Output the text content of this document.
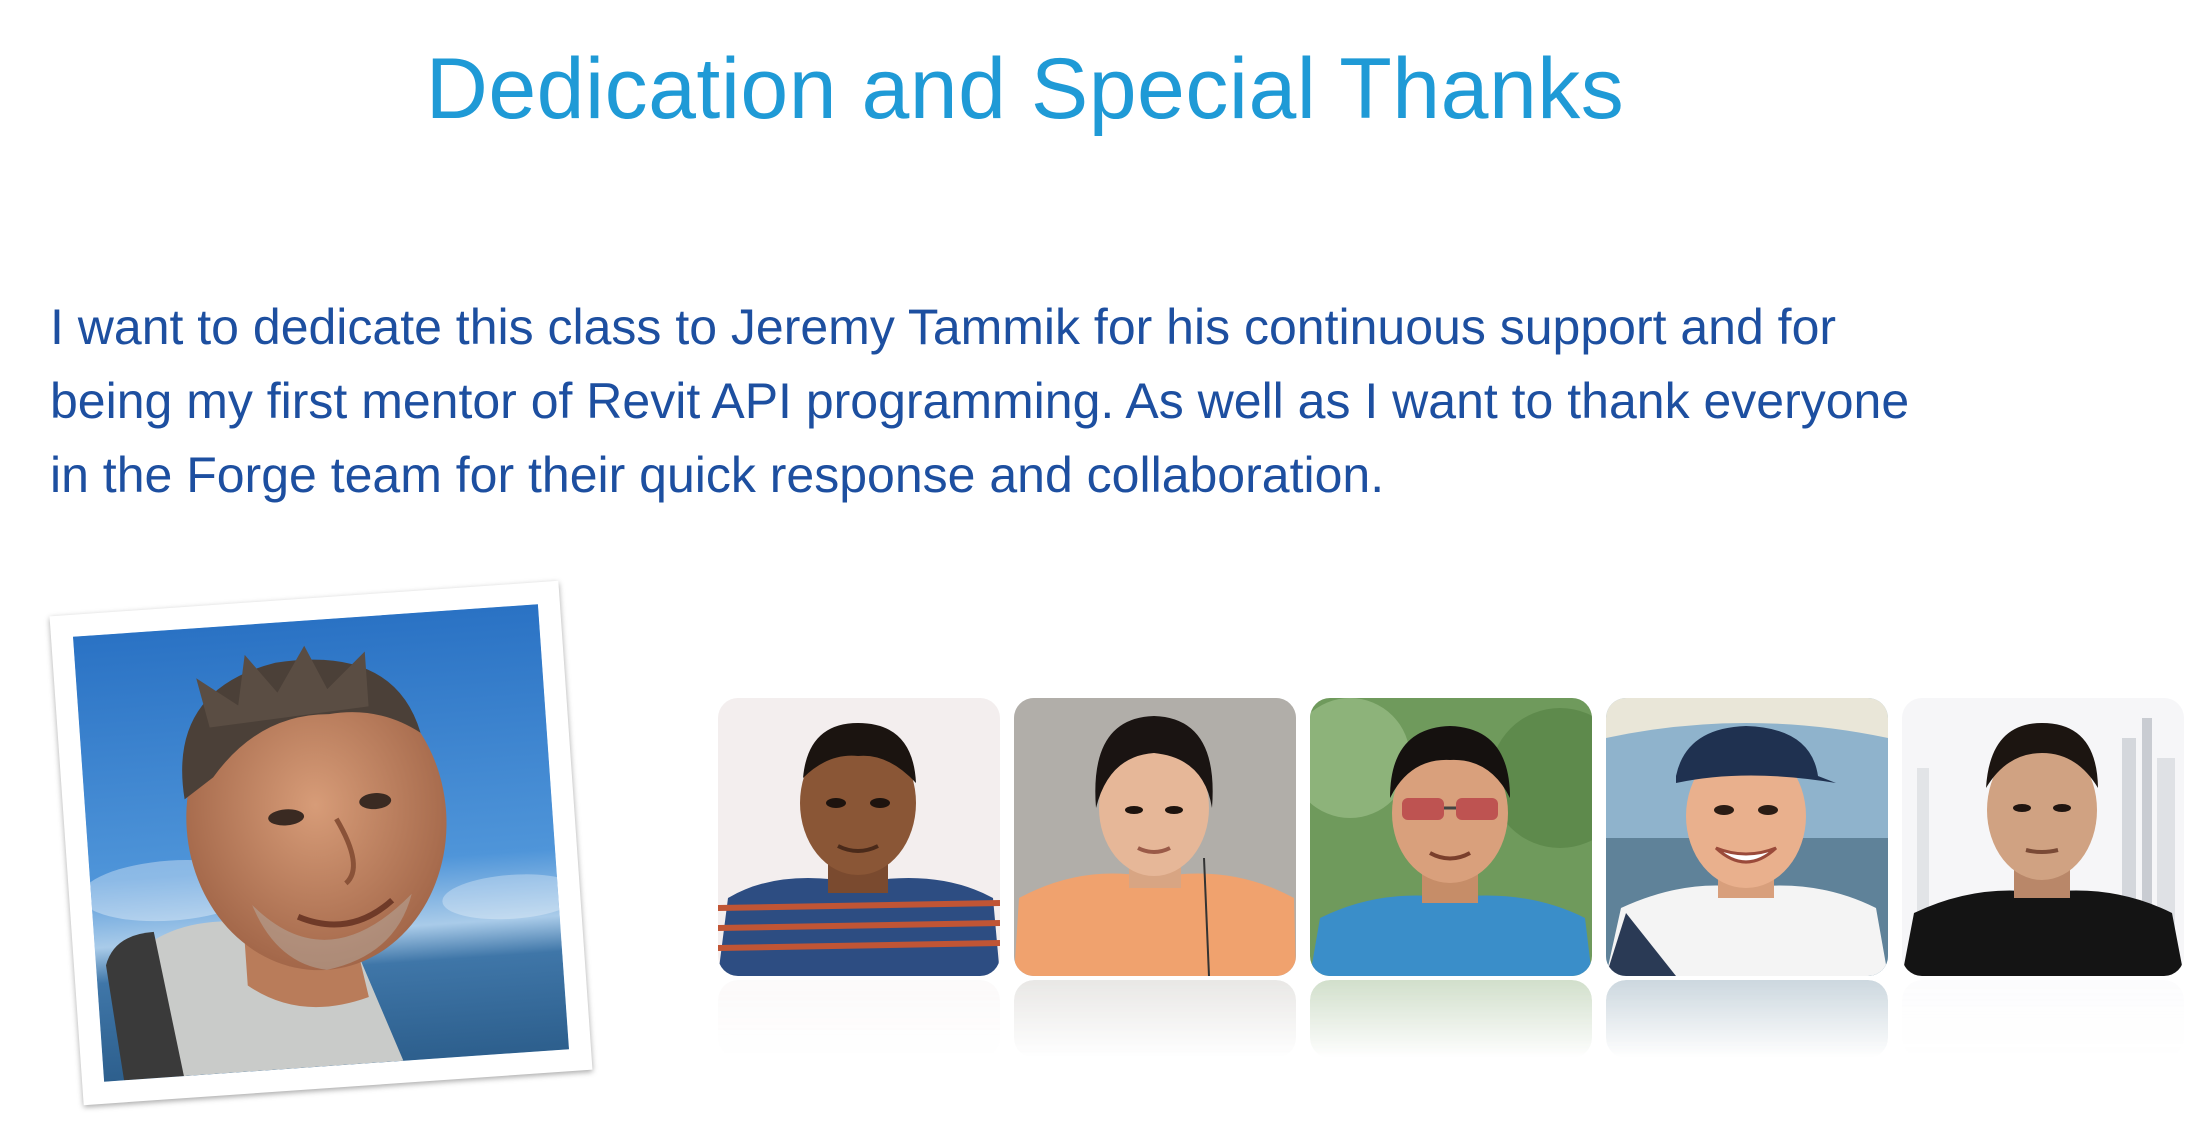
Dedication and Special Thanks

I want to dedicate this class to Jeremy Tammik for his continuous support and for
being my first mentor of Revit API programming. As well as I want to thank everyone
in the Forge team for their quick response and collaboration.
